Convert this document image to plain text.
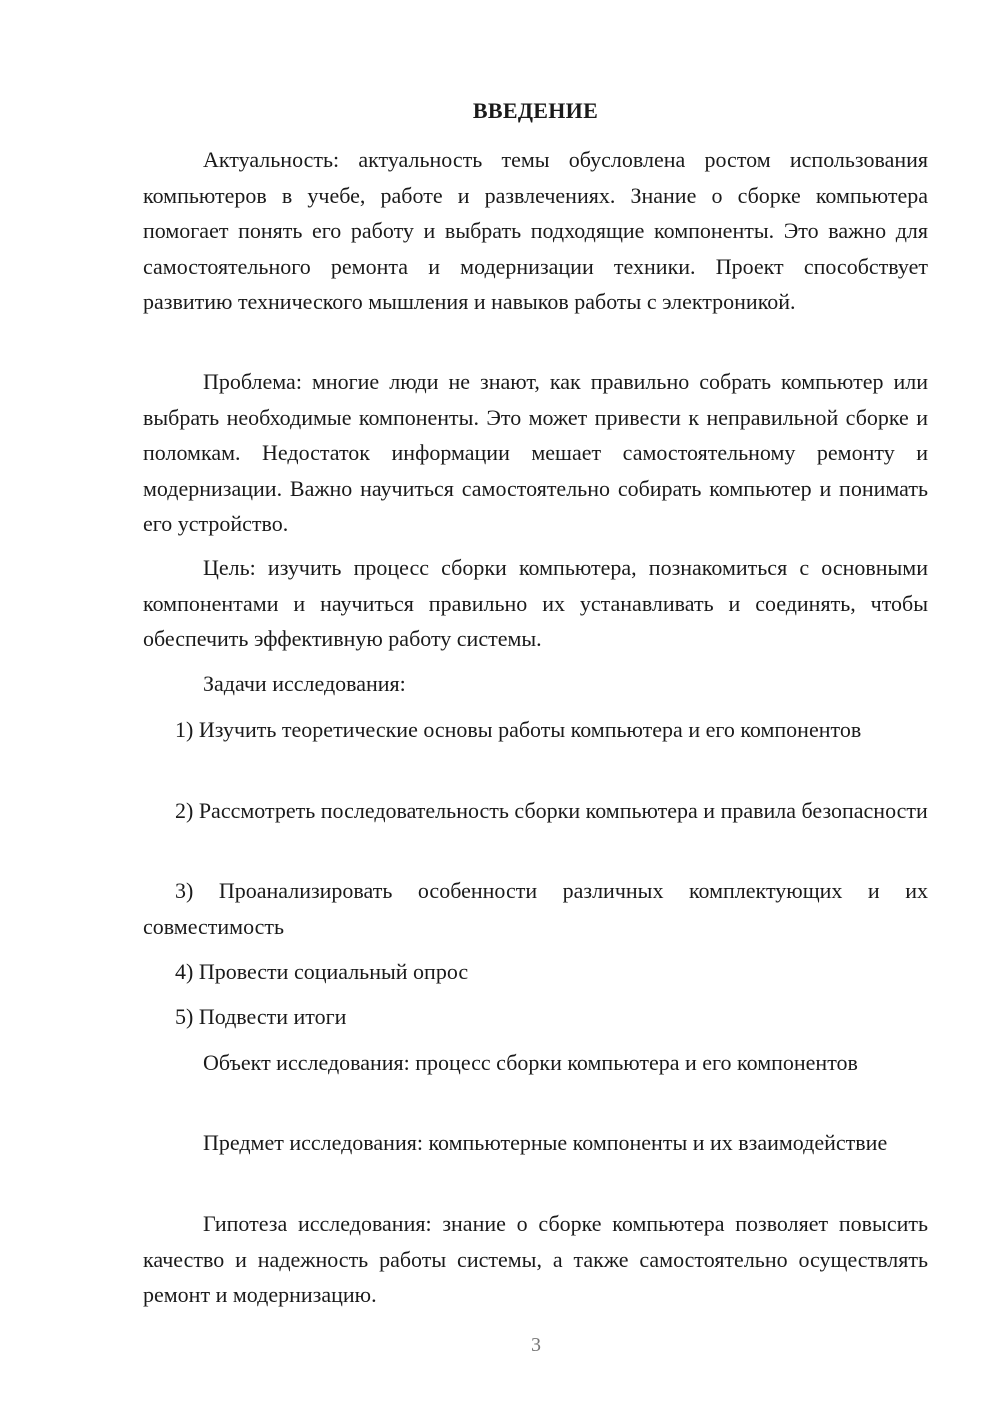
ВВЕДЕНИЕ

Актуальность: актуальность темы обусловлена ростом использования компьютеров в учебе, работе и развлечениях. Знание о сборке компьютера помогает понять его работу и выбрать подходящие компоненты. Это важно для самостоятельного ремонта и модернизации техники. Проект способствует развитию технического мышления и навыков работы с электроникой.

Проблема: многие люди не знают, как правильно собрать компьютер или выбрать необходимые компоненты. Это может привести к неправильной сборке и поломкам. Недостаток информации мешает самостоятельному ремонту и модернизации. Важно научиться самостоятельно собирать компьютер и понимать его устройство.

Цель: изучить процесс сборки компьютера, познакомиться с основными компонентами и научиться правильно их устанавливать и соединять, чтобы обеспечить эффективную работу системы.

Задачи исследования:

1) Изучить теоретические основы работы компьютера и его компонентов

2) Рассмотреть последовательность сборки компьютера и правила безопасности

3) Проанализировать особенности различных комплектующих и их совместимость

4) Провести социальный опрос

5) Подвести итоги

Объект исследования: процесс сборки компьютера и его компонентов

Предмет исследования: компьютерные компоненты и их взаимодействие

Гипотеза исследования: знание о сборке компьютера позволяет повысить качество и надежность работы системы, а также самостоятельно осуществлять ремонт и модернизацию.

3
